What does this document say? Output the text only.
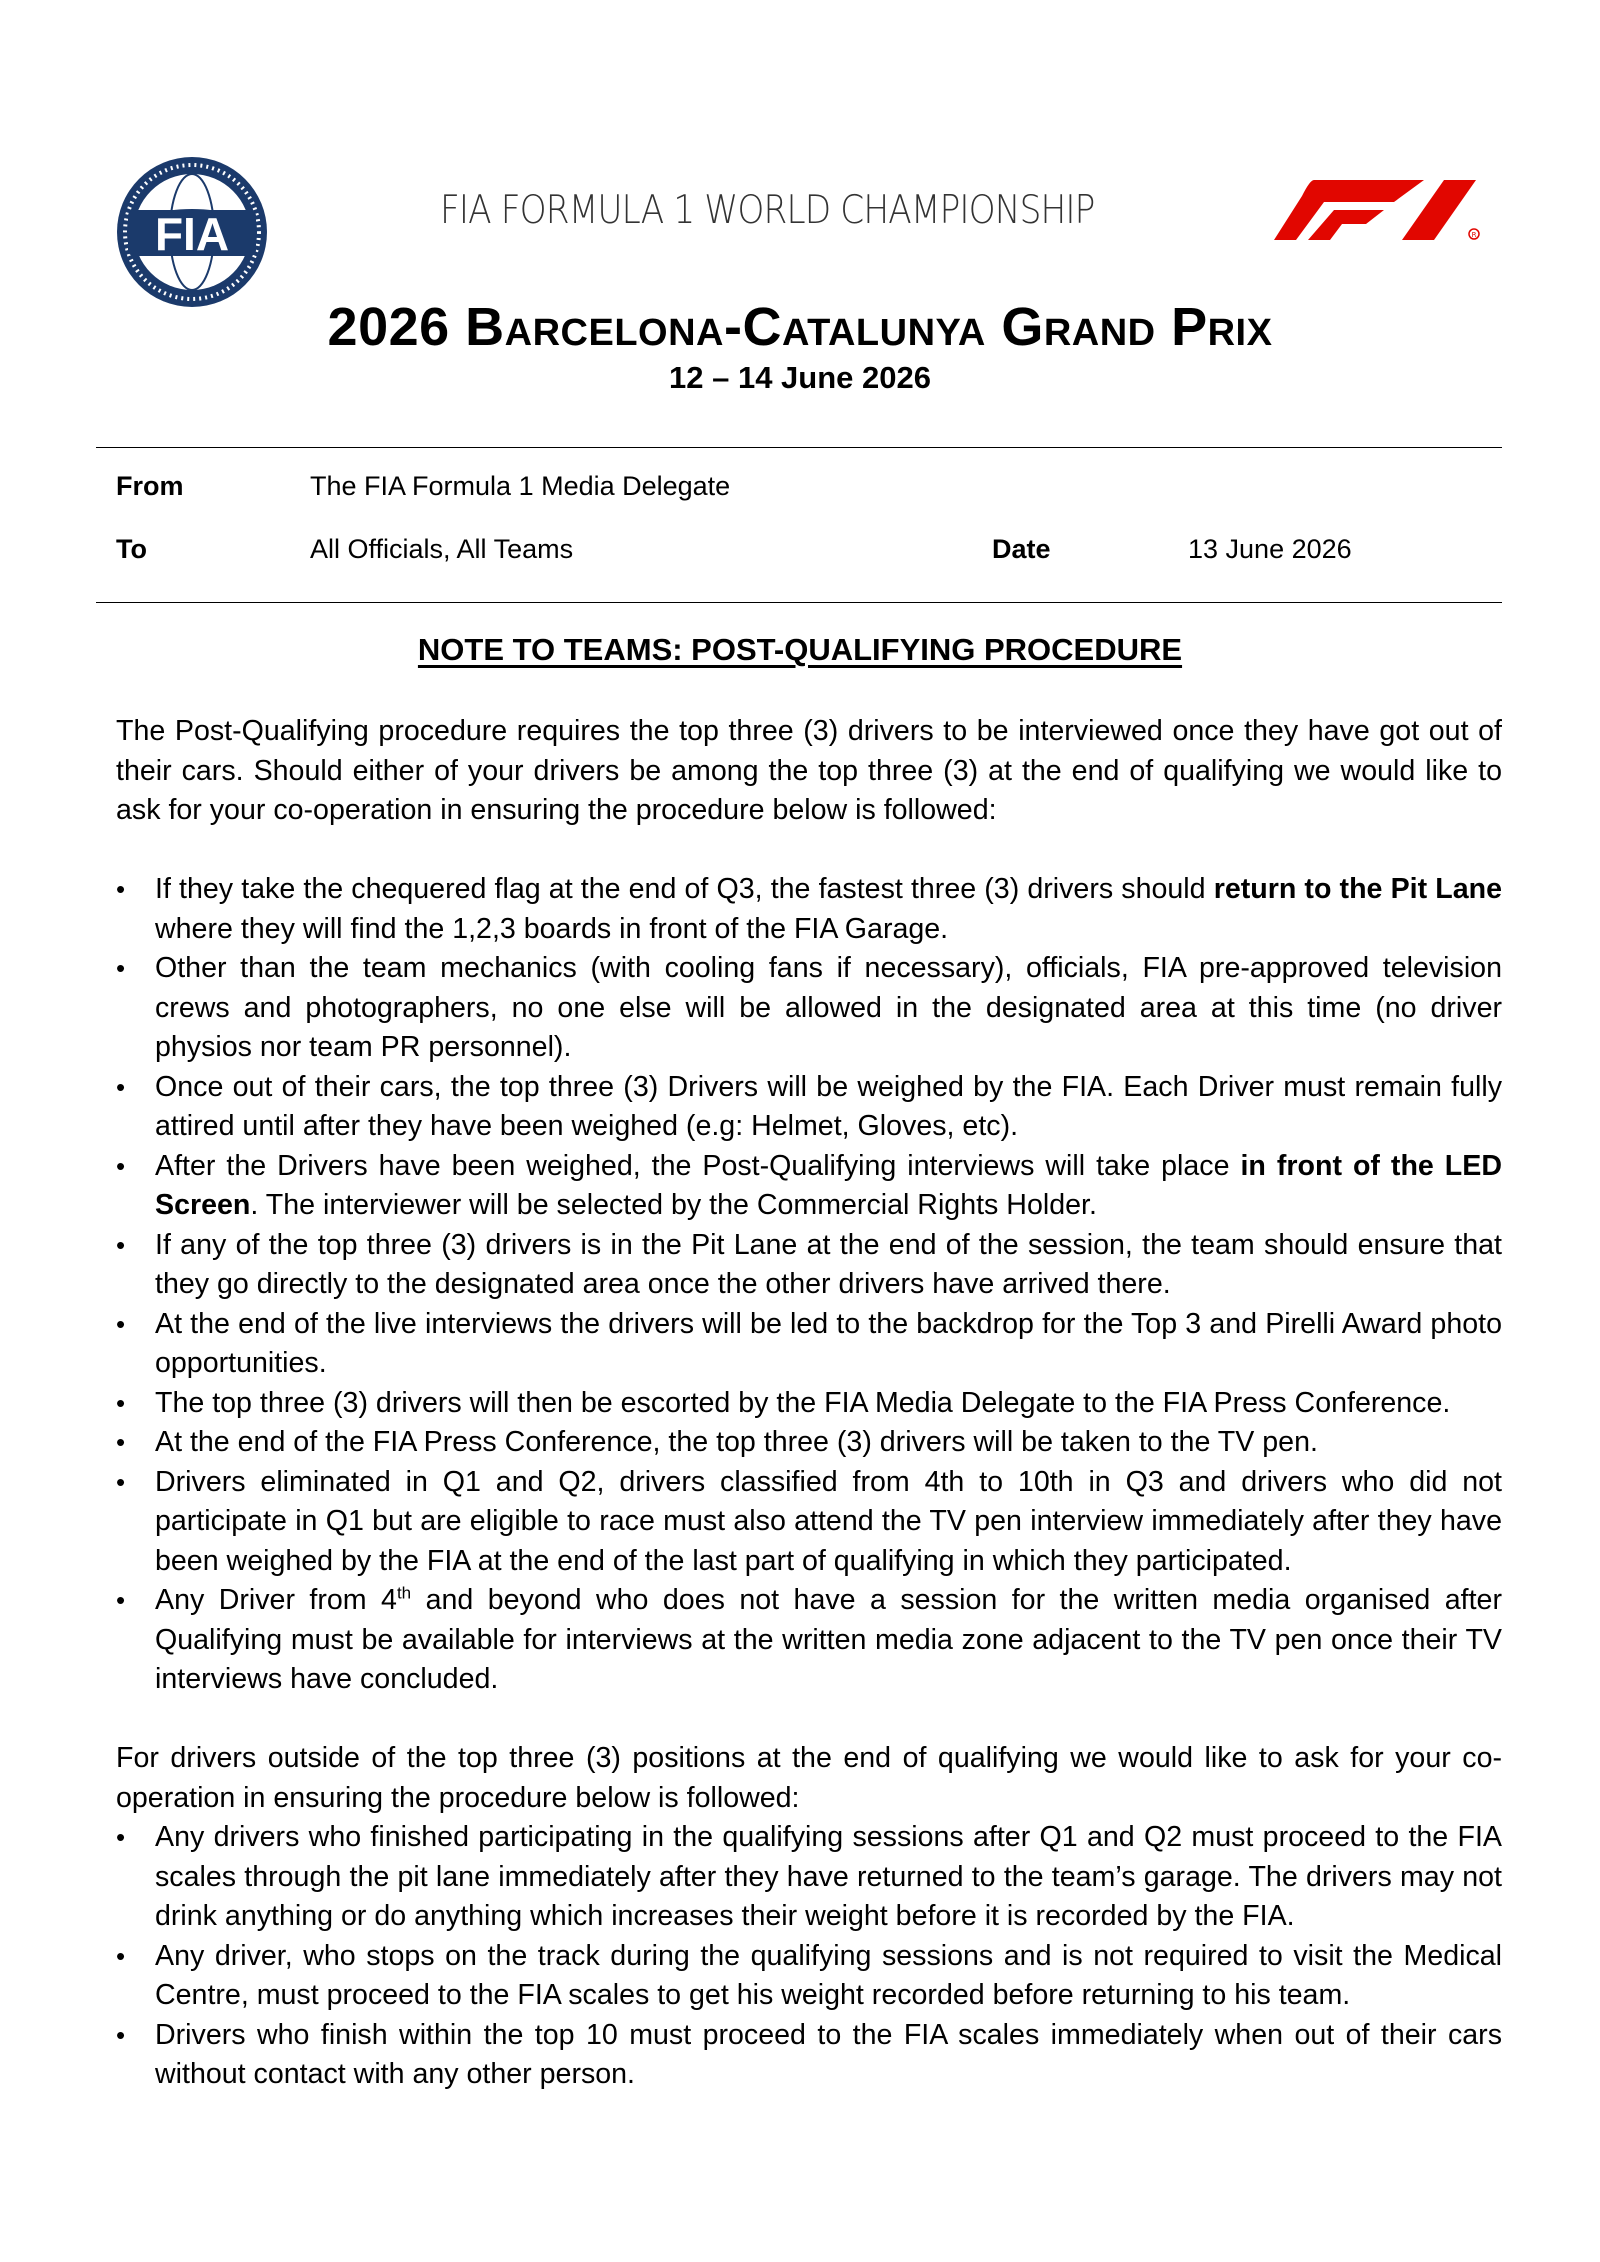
FIA	FIA FORMULA 1 WORLD CHAMPIONSHIP
R
2026 Barcelona-Catalunya Grand Prix
12 – 14 June 2026
From	The FIA Formula 1 Media Delegate
To	All Officials, All Teams	Date	13 June 2026
NOTE TO TEAMS: POST-QUALIFYING PROCEDURE
The Post-Qualifying procedure requires the top three (3) drivers to be interviewed once they have got out of their cars. Should either of your drivers be among the top three (3) at the end of qualifying we would like to ask for your co-operation in ensuring the procedure below is followed:
• If they take the chequered flag at the end of Q3, the fastest three (3) drivers should return to the Pit Lane where they will find the 1,2,3 boards in front of the FIA Garage.
• Other than the team mechanics (with cooling fans if necessary), officials, FIA pre-approved television crews and photographers, no one else will be allowed in the designated area at this time (no driver physios nor team PR personnel).
• Once out of their cars, the top three (3) Drivers will be weighed by the FIA. Each Driver must remain fully attired until after they have been weighed (e.g: Helmet, Gloves, etc).
• After the Drivers have been weighed, the Post-Qualifying interviews will take place in front of the LED Screen. The interviewer will be selected by the Commercial Rights Holder.
• If any of the top three (3) drivers is in the Pit Lane at the end of the session, the team should ensure that they go directly to the designated area once the other drivers have arrived there.
• At the end of the live interviews the drivers will be led to the backdrop for the Top 3 and Pirelli Award photo opportunities.
• The top three (3) drivers will then be escorted by the FIA Media Delegate to the FIA Press Conference.
• At the end of the FIA Press Conference, the top three (3) drivers will be taken to the TV pen.
• Drivers eliminated in Q1 and Q2, drivers classified from 4th to 10th in Q3 and drivers who did not participate in Q1 but are eligible to race must also attend the TV pen interview immediately after they have been weighed by the FIA at the end of the last part of qualifying in which they participated.
• Any Driver from 4th and beyond who does not have a session for the written media organised after Qualifying must be available for interviews at the written media zone adjacent to the TV pen once their TV interviews have concluded.
For drivers outside of the top three (3) positions at the end of qualifying we would like to ask for your co-operation in ensuring the procedure below is followed:
• Any drivers who finished participating in the qualifying sessions after Q1 and Q2 must proceed to the FIA scales through the pit lane immediately after they have returned to the team’s garage. The drivers may not drink anything or do anything which increases their weight before it is recorded by the FIA.
• Any driver, who stops on the track during the qualifying sessions and is not required to visit the Medical Centre, must proceed to the FIA scales to get his weight recorded before returning to his team.
• Drivers who finish within the top 10 must proceed to the FIA scales immediately when out of their cars without contact with any other person.
